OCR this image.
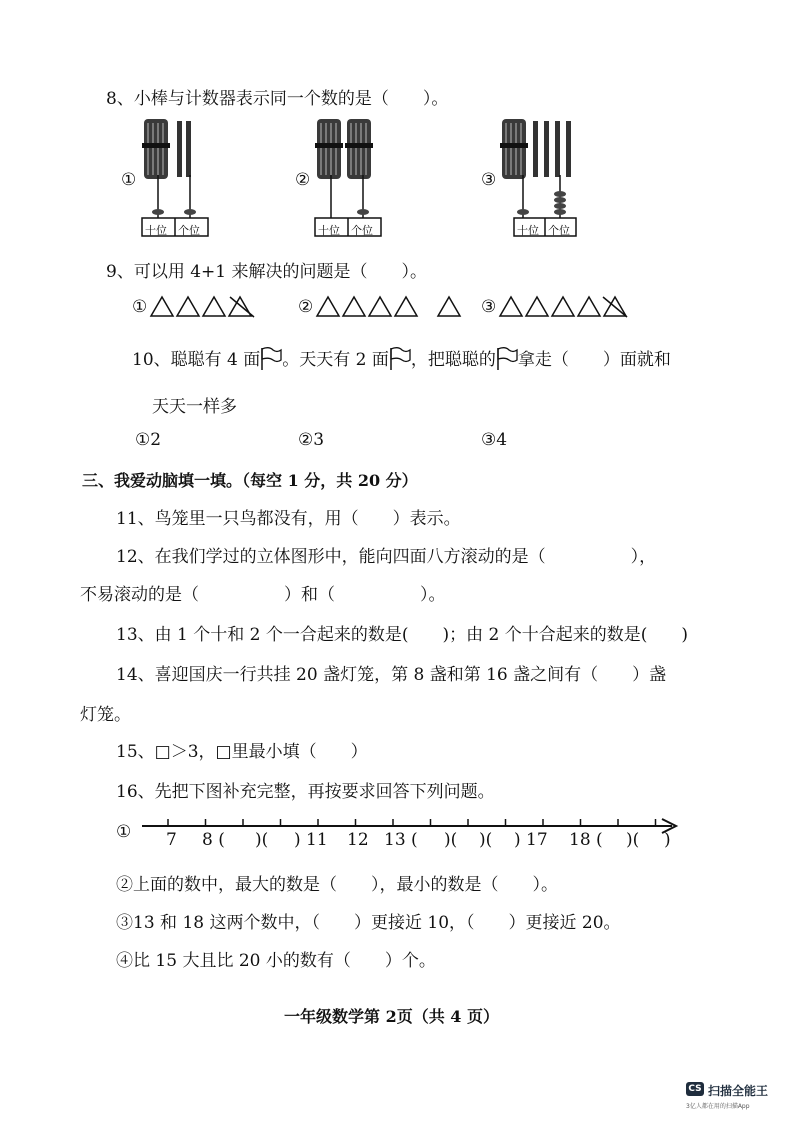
8、小棒与计数器表示同一个数的是（　　）。
①
十位 个位
②
十位 个位
③
十位 个位
9、可以用 4+1 来解决的问题是（　　）。
①	②	③
10、聪聪有 4 面 。天天有 2 面 ，把聪聪的 拿走（　　）面就和
天天一样多
①2	②3	③4
三、我爱动脑填一填。（每空 1 分，共 20 分）
11、鸟笼里一只鸟都没有，用（　　）表示。
12、在我们学过的立体图形中，能向四面八方滚动的是（　　　　　），
不易滚动的是（　　　　　）和（　　　　　）。
13、由 1 个十和 2 个一合起来的数是(　　)；由 2 个十合起来的数是(　　)
14、喜迎国庆一行共挂 20 盏灯笼，第 8 盏和第 16 盏之间有（　　）盏
灯笼。
15、□＞3，□里最小填（　　）
16、先把下图补充完整，再按要求回答下列问题。
① 7 8 ( )( ) 11 12 13 ( )( )( ) 17 18 ( )( )
②上面的数中，最大的数是（　　），最小的数是（　　）。
③13 和 18 这两个数中，（　　）更接近 10，（　　）更接近 20。
④比 15 大且比 20 小的数有（　　）个。
一年级数学第 2页（共 4 页）
CS 扫描全能王
3亿人都在用的扫描App
